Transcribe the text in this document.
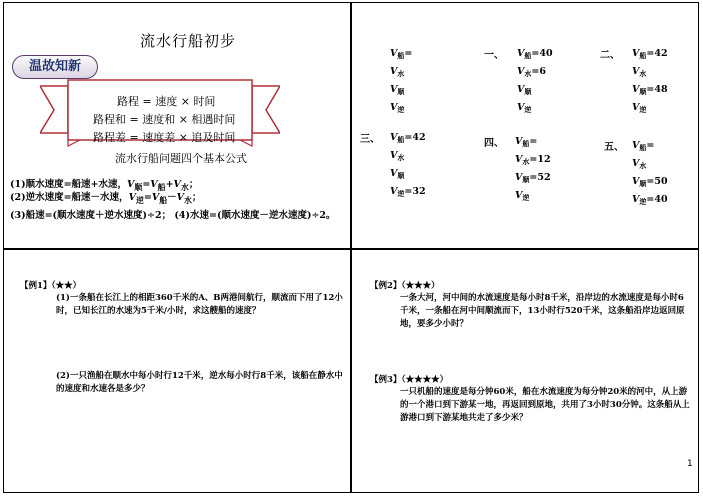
流水行船初步
温故知新
路程 = 速度 × 时间
路程和 = 速度和 × 相遇时间
路程差 = 速度差 × 追及时间
流水行船问题四个基本公式
(1)顺水速度=船速+水速，$V_顺=V_船+V_水$；
(2)逆水速度=船速－水速，$V_逆=V_船-V_水$；
(3)船速=(顺水速度＋逆水速度)÷2； (4)水速=(顺水速度－逆水速度)÷2。
$V_船=$
$V_水$
$V_顺$
$V_逆$
一、 $V_船=40$
$V_水=6$
$V_顺$
$V_逆$
二、 $V_船=42$
$V_水$
$V_顺=48$
$V_逆$
三、 $V_船=42$
$V_水$
$V_顺$
$V_逆=32$
四、 $V_船=$
$V_水=12$
$V_顺=52$
$V_逆$
五、 $V_船=$
$V_水$
$V_顺=50$
$V_逆=40$
【例1】（★★）
(1)一条船在长江上的相距360千米的A、B两港间航行，顺流而下用了12小时，已知长江的水速为5千米/小时，求这艘船的速度？
(2)一只渔船在顺水中每小时行12千米，逆水每小时行8千米，该船在静水中的速度和水速各是多少？
【例2】（★★★）
一条大河，河中间的水流速度是每小时8千米，沿岸边的水流速度是每小时6千米，一条船在河中间顺流而下，13小时行520千米，这条船沿岸边返回原地，要多少小时？
【例3】（★★★★）
一只机船的速度是每分钟60米，船在水流速度为每分钟20米的河中，从上游的一个港口到下游某一地，再返回到原地，共用了3小时30分钟。这条船从上游港口到下游某地共走了多少米？
1
